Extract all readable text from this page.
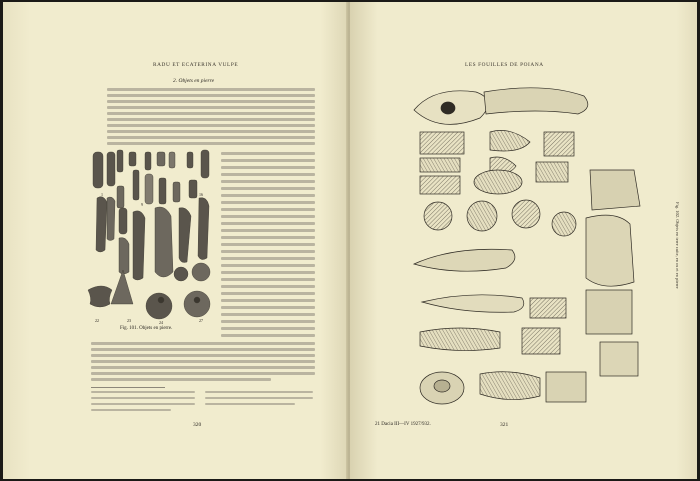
RADU ET ECATERINA VULPE
2. Objets en pierre
1
9
16
22	23	24	27
Fig. 101. Objets en pierre.
320
LES FOUILLES DE POIANA
Fig. 102. Objets en terre cuite, en os et en pierre
21 Dacia III—IV 1927/932.	321
